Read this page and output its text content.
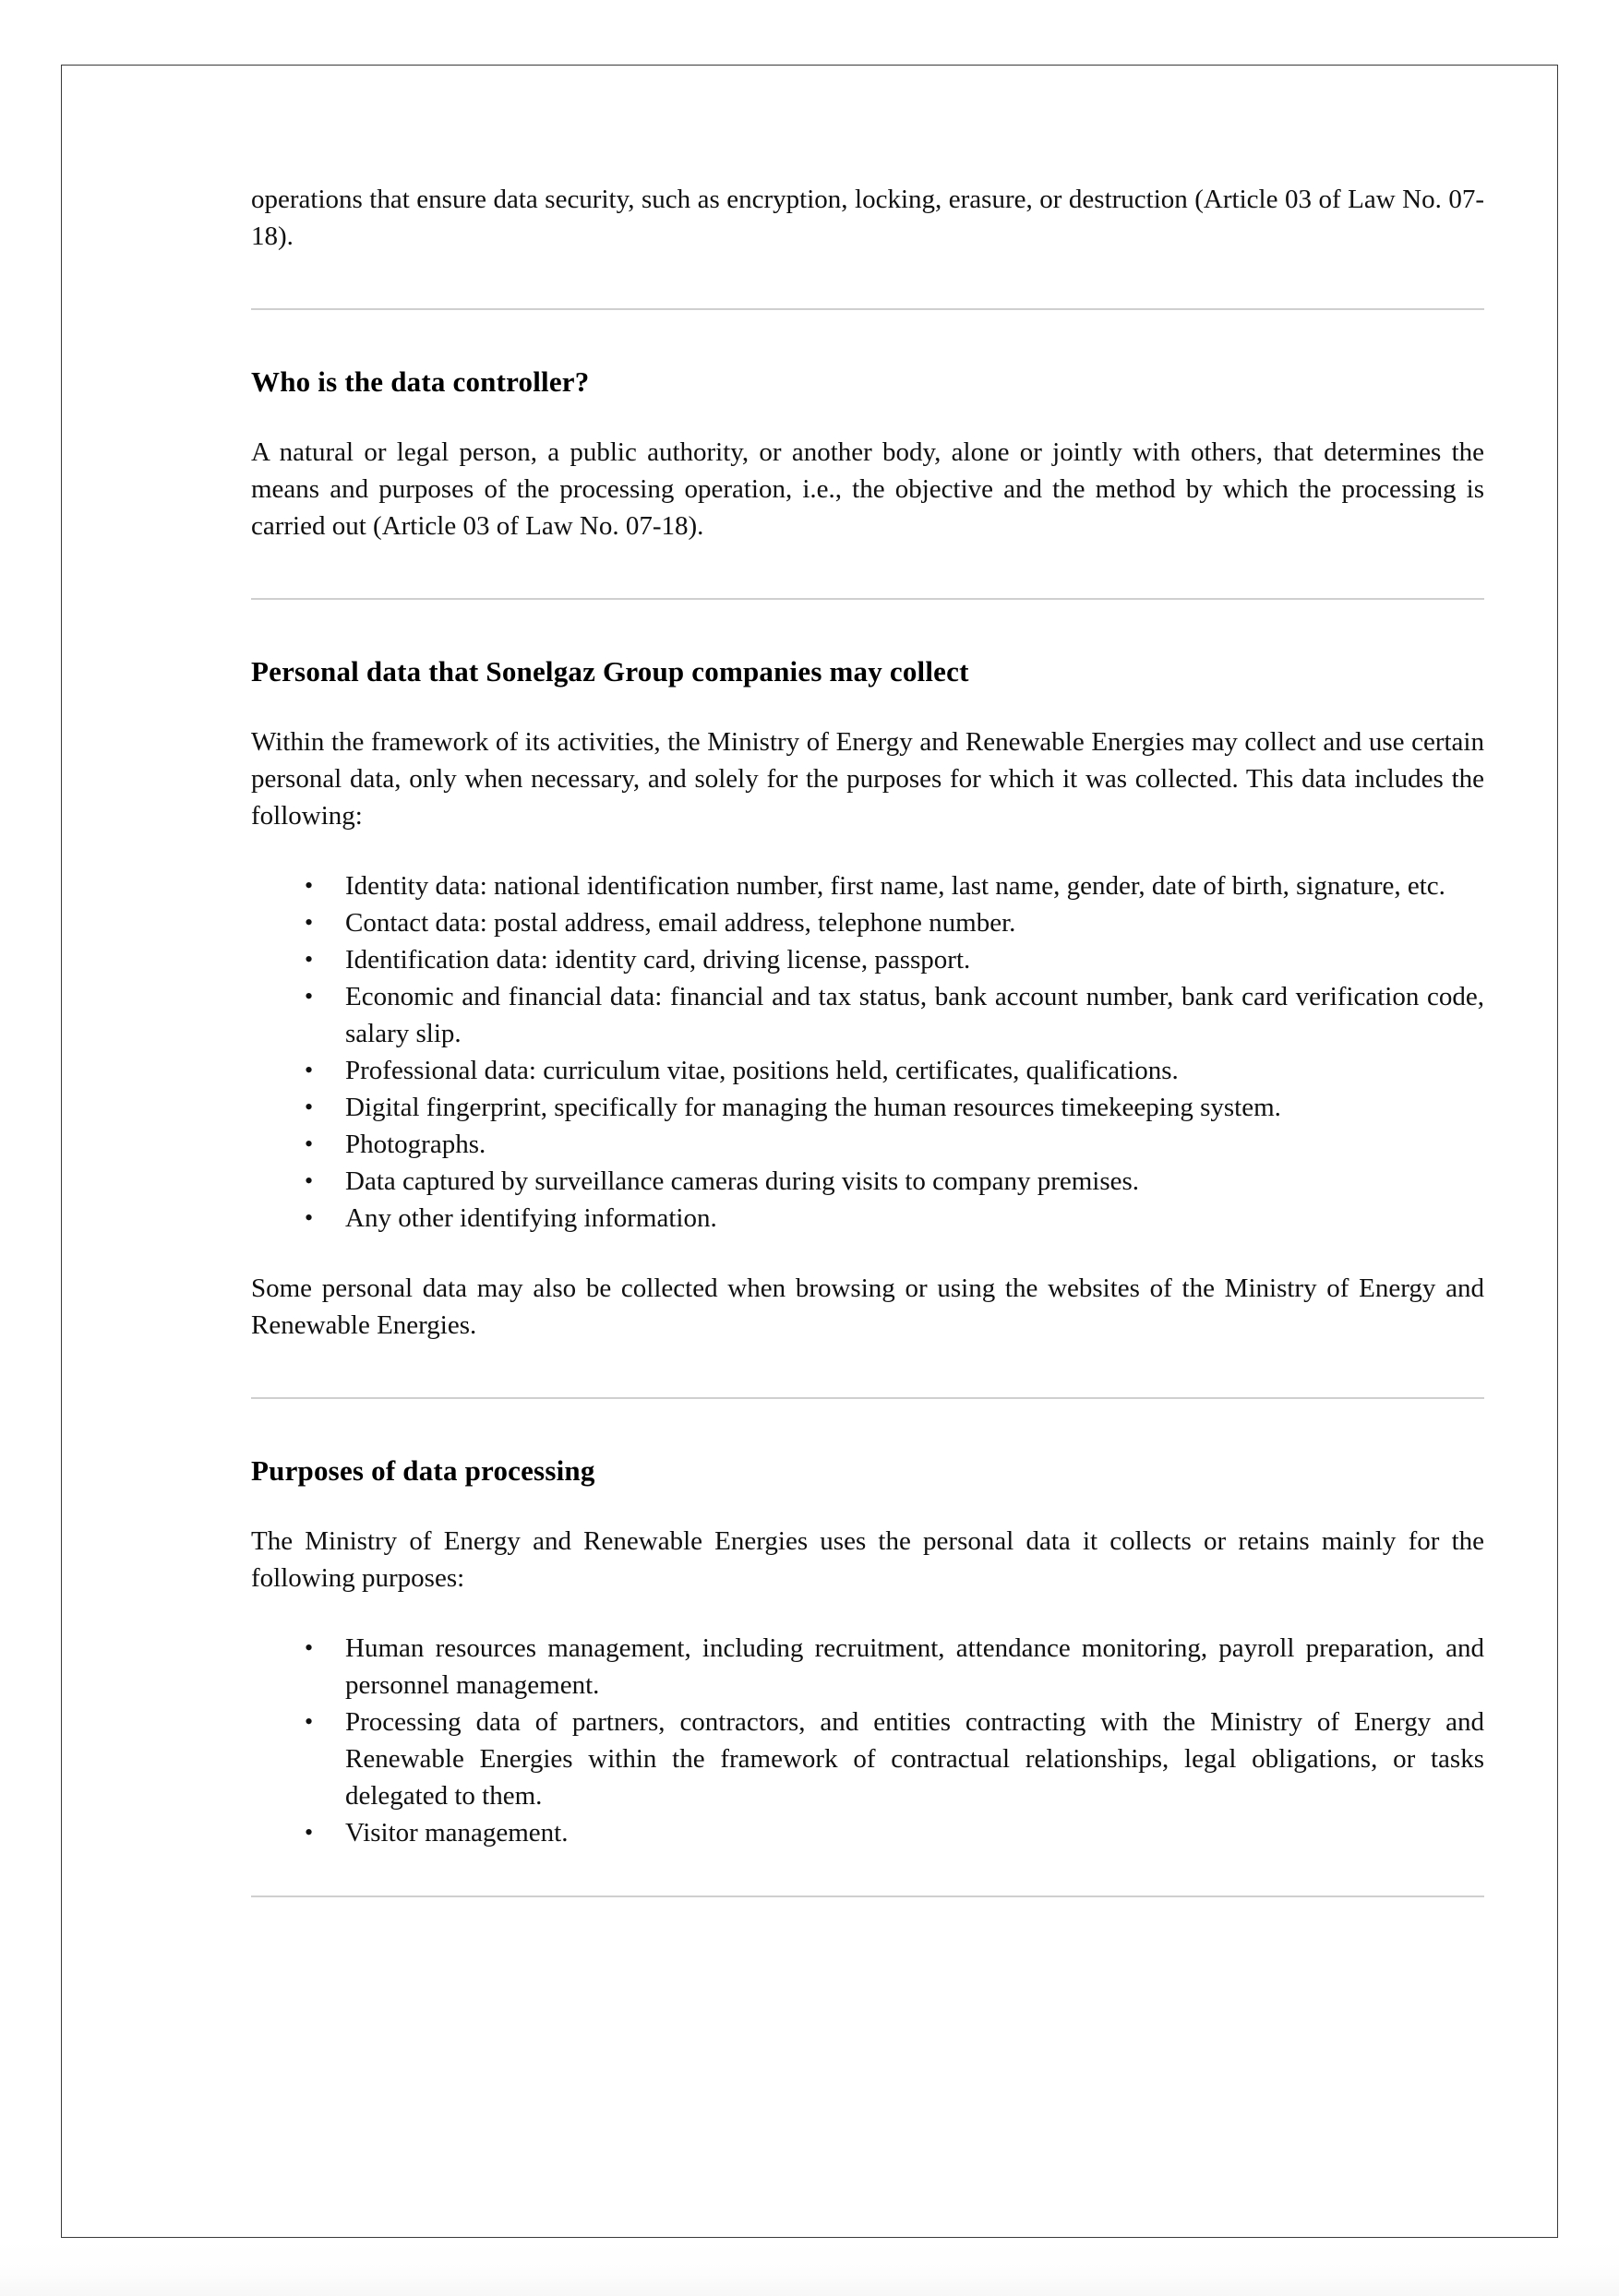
operations that ensure data security, such as encryption, locking, erasure, or destruction (Article 03 of Law No. 07-18).

Who is the data controller?

A natural or legal person, a public authority, or another body, alone or jointly with others, that determines the means and purposes of the processing operation, i.e., the objective and the method by which the processing is carried out (Article 03 of Law No. 07-18).

Personal data that Sonelgaz Group companies may collect

Within the framework of its activities, the Ministry of Energy and Renewable Energies may collect and use certain personal data, only when necessary, and solely for the purposes for which it was collected. This data includes the following:

• Identity data: national identification number, first name, last name, gender, date of birth, signature, etc.
• Contact data: postal address, email address, telephone number.
• Identification data: identity card, driving license, passport.
• Economic and financial data: financial and tax status, bank account number, bank card verification code, salary slip.
• Professional data: curriculum vitae, positions held, certificates, qualifications.
• Digital fingerprint, specifically for managing the human resources timekeeping system.
• Photographs.
• Data captured by surveillance cameras during visits to company premises.
• Any other identifying information.

Some personal data may also be collected when browsing or using the websites of the Ministry of Energy and Renewable Energies.

Purposes of data processing

The Ministry of Energy and Renewable Energies uses the personal data it collects or retains mainly for the following purposes:

• Human resources management, including recruitment, attendance monitoring, payroll preparation, and personnel management.
• Processing data of partners, contractors, and entities contracting with the Ministry of Energy and Renewable Energies within the framework of contractual relationships, legal obligations, or tasks delegated to them.
• Visitor management.
